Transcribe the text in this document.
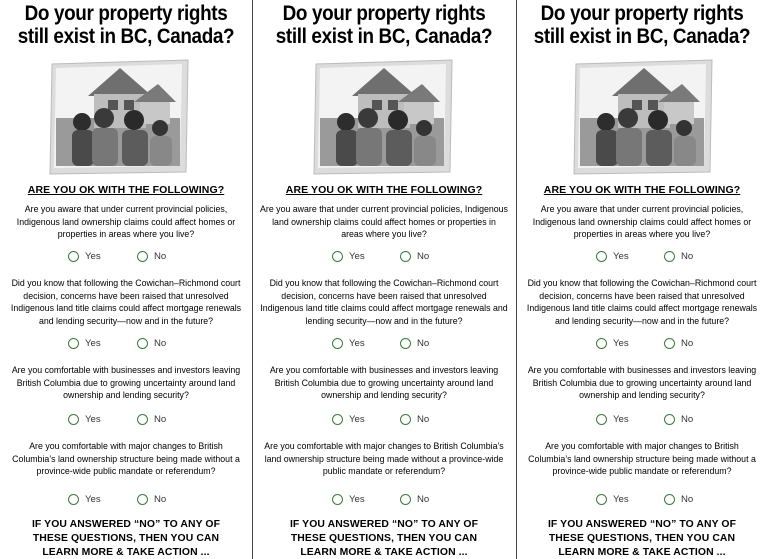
Do your property rights
still exist in BC, Canada?
ARE YOU OK WITH THE FOLLOWING?
Are you aware that under current provincial policies, Indigenous land ownership claims could affect homes or properties in areas where you live?
Yes	No
Did you know that following the Cowichan–Richmond court decision, concerns have been raised that unresolved Indigenous land title claims could affect mortgage renewals and lending security—now and in the future?
Yes	No
Are you comfortable with businesses and investors leaving British Columbia due to growing uncertainty around land ownership and lending security?
Yes	No
Are you comfortable with major changes to British Columbia’s land ownership structure being made without a province-wide public mandate or referendum?
Yes	No
IF YOU ANSWERED “NO” TO ANY OF
THESE QUESTIONS, THEN YOU CAN
LEARN MORE & TAKE ACTION ...
Do your property rights
still exist in BC, Canada?
ARE YOU OK WITH THE FOLLOWING?
Are you aware that under current provincial policies, Indigenous land ownership claims could affect homes or properties in areas where you live?
Yes	No
Did you know that following the Cowichan–Richmond court decision, concerns have been raised that unresolved Indigenous land title claims could affect mortgage renewals and lending security—now and in the future?
Yes	No
Are you comfortable with businesses and investors leaving British Columbia due to growing uncertainty around land ownership and lending security?
Yes	No
Are you comfortable with major changes to British Columbia’s land ownership structure being made without a province-wide public mandate or referendum?
Yes	No
IF YOU ANSWERED “NO” TO ANY OF
THESE QUESTIONS, THEN YOU CAN
LEARN MORE & TAKE ACTION ...
Do your property rights
still exist in BC, Canada?
ARE YOU OK WITH THE FOLLOWING?
Are you aware that under current provincial policies, Indigenous land ownership claims could affect homes or properties in areas where you live?
Yes	No
Did you know that following the Cowichan–Richmond court decision, concerns have been raised that unresolved Indigenous land title claims could affect mortgage renewals and lending security—now and in the future?
Yes	No
Are you comfortable with businesses and investors leaving British Columbia due to growing uncertainty around land ownership and lending security?
Yes	No
Are you comfortable with major changes to British Columbia’s land ownership structure being made without a province-wide public mandate or referendum?
Yes	No
IF YOU ANSWERED “NO” TO ANY OF
THESE QUESTIONS, THEN YOU CAN
LEARN MORE & TAKE ACTION ...
